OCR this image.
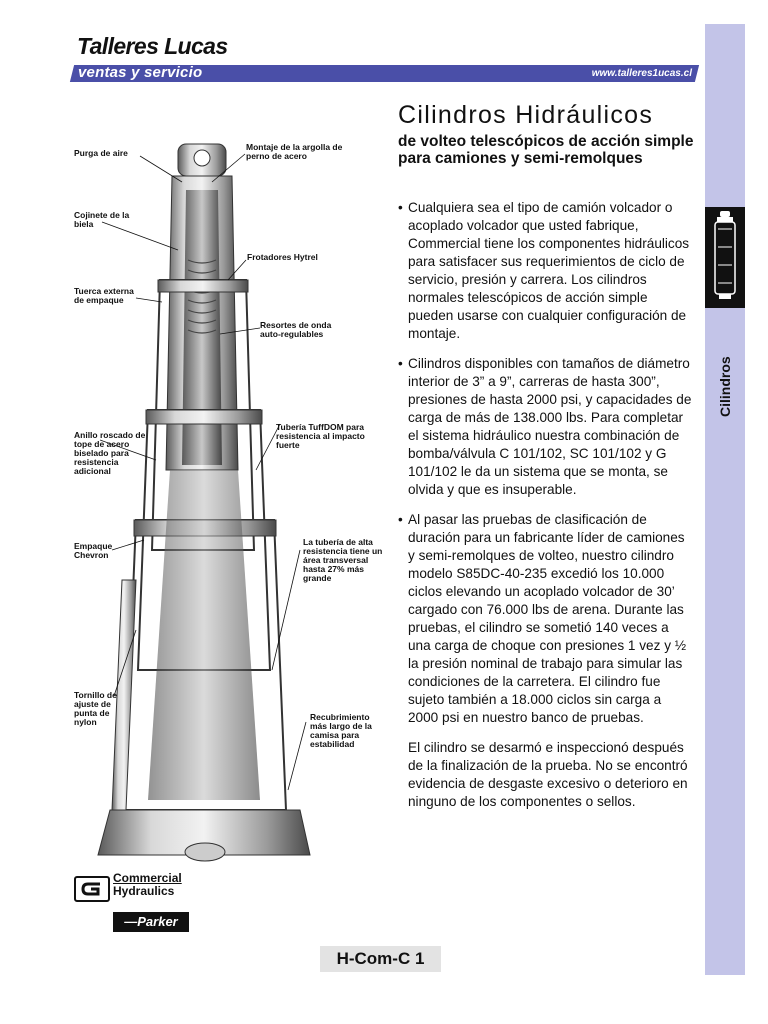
Talleres Lucas
ventas y servicio	www.talleres1ucas.cl
Cilindros
Cilindros Hidráulicos
de volteo telescópicos de acción simple para camiones y semi-remolques

• Cualquiera sea el tipo de camión volcador o acoplado volcador que usted fabrique, Commercial tiene los componentes hidráulicos para satisfacer sus requerimientos de ciclo de servicio, presión y carrera. Los cilindros normales telescópicos de acción simple pueden usarse con cualquier configuración de montaje.

• Cilindros disponibles con tamaños de diámetro interior de 3” a 9”, carreras de hasta 300”, presiones de hasta 2000 psi, y capacidades de carga de más de 138.000 lbs. Para completar el sistema hidráulico nuestra combinación de bomba/válvula C 101/102, SC 101/102 y G 101/102 le da un sistema que se monta, se olvida y que es insuperable.

• Al pasar las pruebas de clasificación de duración para un fabricante líder de camiones y semi-remolques de volteo, nuestro cilindro modelo S85DC-40-235 excedió los 10.000 ciclos elevando un acoplado volcador de 30’ cargado con 76.000 lbs de arena. Durante las pruebas, el cilindro se sometió 140 veces a una carga de choque con presiones 1 vez y ½ la presión nominal de trabajo para simular las condiciones de la carretera. El cilindro fue sujeto también a 18.000 ciclos sin carga a 2000 psi en nuestro banco de pruebas.

El cilindro se desarmó e inspeccionó después de la finalización de la prueba. No se encontró evidencia de desgaste excesivo o deterioro en ninguno de los componentes o sellos.

Purga de aire
Montaje de la argolla de perno de acero
Cojinete de la biela
Frotadores Hytrel
Tuerca externa de empaque
Resortes de onda auto-regulables
Tubería TuffDOM para resistencia al impacto fuerte
Anillo roscado de tope de acero biselado para resistencia adicional
Empaque Chevron
La tubería de alta resistencia tiene un área transversal hasta 27% más grande
Tornillo de ajuste de punta de nylon	Recubrimiento más largo de la camisa para estabilidad
Commercial
Hydraulics
—Parker
H-Com-C 1
